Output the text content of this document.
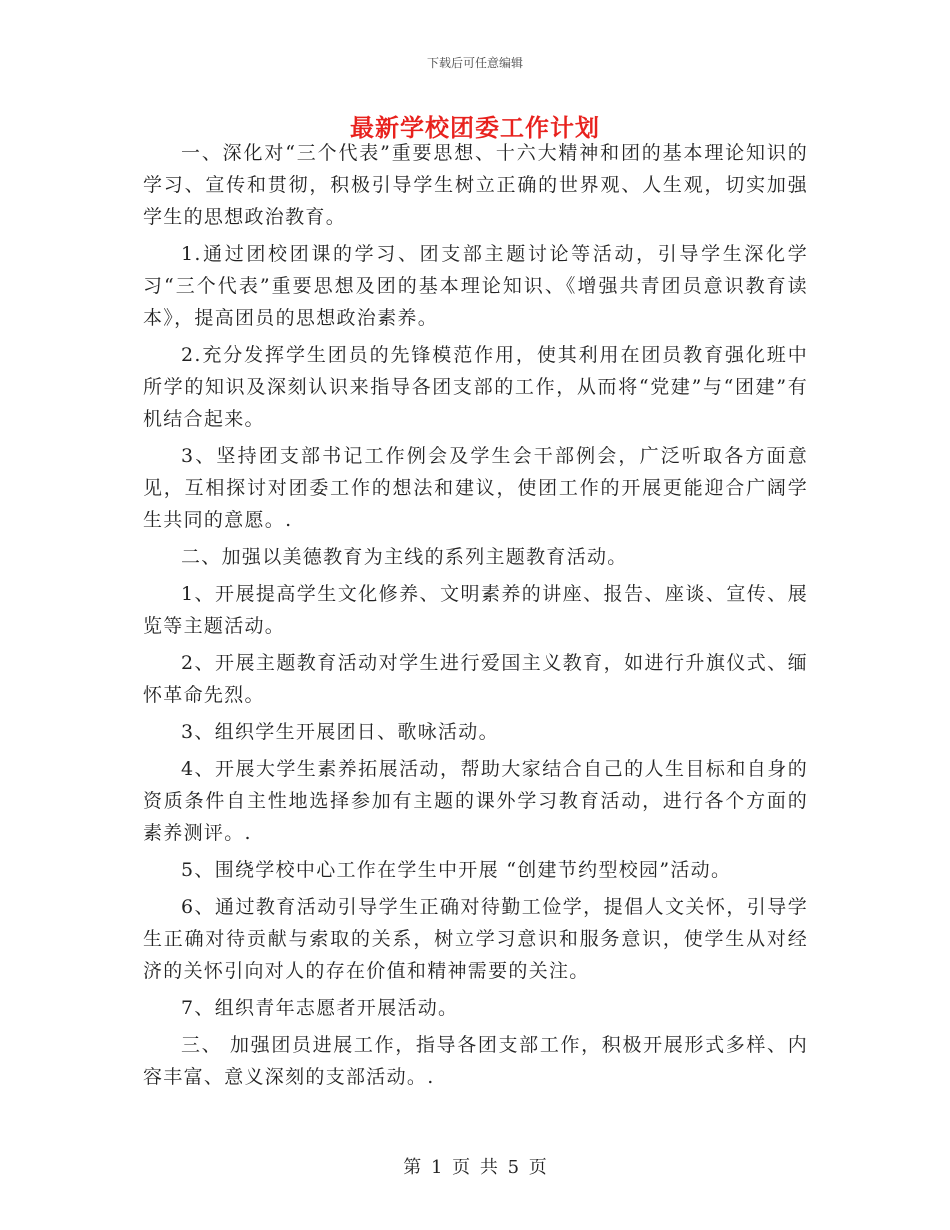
下载后可任意编辑
最新学校团委工作计划

一、深化对“三个代表”重要思想、十六大精神和团的基本理论知识的学习、宣传和贯彻，积极引导学生树立正确的世界观、人生观，切实加强学生的思想政治教育。

1.通过团校团课的学习、团支部主题讨论等活动，引导学生深化学习“三个代表”重要思想及团的基本理论知识、《增强共青团员意识教育读本》，提高团员的思想政治素养。

2.充分发挥学生团员的先锋模范作用，使其利用在团员教育强化班中所学的知识及深刻认识来指导各团支部的工作，从而将“党建”与“团建”有机结合起来。

3、坚持团支部书记工作例会及学生会干部例会，广泛听取各方面意见，互相探讨对团委工作的想法和建议，使团工作的开展更能迎合广阔学生共同的意愿。.

二、加强以美德教育为主线的系列主题教育活动。

1、开展提高学生文化修养、文明素养的讲座、报告、座谈、宣传、展览等主题活动。

2、开展主题教育活动对学生进行爱国主义教育，如进行升旗仪式、缅怀革命先烈。

3、组织学生开展团日、歌咏活动。

4、开展大学生素养拓展活动，帮助大家结合自己的人生目标和自身的资质条件自主性地选择参加有主题的课外学习教育活动，进行各个方面的素养测评。.

5、围绕学校中心工作在学生中开展 “创建节约型校园”活动。

6、通过教育活动引导学生正确对待勤工俭学，提倡人文关怀，引导学生正确对待贡献与索取的关系，树立学习意识和服务意识，使学生从对经济的关怀引向对人的存在价值和精神需要的关注。

7、组织青年志愿者开展活动。

三、 加强团员进展工作，指导各团支部工作，积极开展形式多样、内容丰富、意义深刻的支部活动。.

第 1 页 共 5 页
